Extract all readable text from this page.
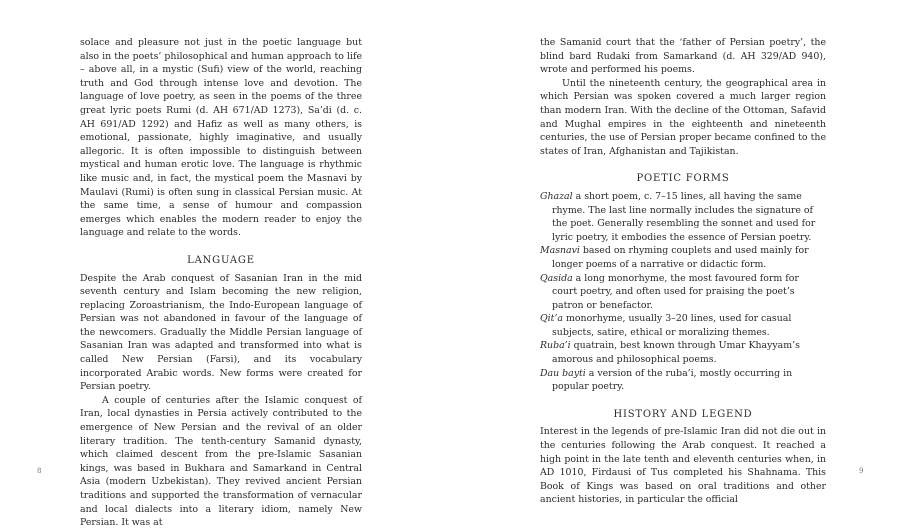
solace and pleasure not just in the poetic language but also in the poets’ philosophical and human approach to life – above all, in a mystic (Sufi) view of the world, reaching truth and God through intense love and devotion. The language of love poetry, as seen in the poems of the three great lyric poets Rumi (d. AH 671/AD 1273), Sa’di (d. c. AH 691/AD 1292) and Hafiz as well as many others, is emotional, passionate, highly imaginative, and usually allegoric. It is often impossible to distinguish between mystical and human erotic love. The language is rhythmic like music and, in fact, the mystical poem the Masnavi by Maulavi (Rumi) is often sung in classical Persian music. At the same time, a sense of humour and compassion emerges which enables the modern reader to enjoy the language and relate to the words.

LANGUAGE

Despite the Arab conquest of Sasanian Iran in the mid seventh century and Islam becoming the new religion, replacing Zoroastrianism, the Indo-European language of Persian was not abandoned in favour of the language of the newcomers. Gradually the Middle Persian language of Sasanian Iran was adapted and transformed into what is called New Persian (Farsi), and its vocabulary incorporated Arabic words. New forms were created for Persian poetry.

A couple of centuries after the Islamic conquest of Iran, local dynasties in Persia actively contributed to the emergence of New Persian and the revival of an older literary tradition. The tenth-century Samanid dynasty, which claimed descent from the pre-Islamic Sasanian kings, was based in Bukhara and Samarkand in Central Asia (modern Uzbekistan). They revived ancient Persian traditions and supported the transformation of vernacular and local dialects into a literary idiom, namely New Persian. It was at

the Samanid court that the ‘father of Persian poetry’, the blind bard Rudaki from Samarkand (d. AH 329/AD 940), wrote and performed his poems.

Until the nineteenth century, the geographical area in which Persian was spoken covered a much larger region than modern Iran. With the decline of the Ottoman, Safavid and Mughal empires in the eighteenth and nineteenth centuries, the use of Persian proper became confined to the states of Iran, Afghanistan and Tajikistan.

POETIC FORMS

Ghazal a short poem, c. 7–15 lines, all having the same rhyme. The last line normally includes the signature of the poet. Generally resembling the sonnet and used for lyric poetry, it embodies the essence of Persian poetry.

Masnavi based on rhyming couplets and used mainly for longer poems of a narrative or didactic form.

Qasida a long monorhyme, the most favoured form for court poetry, and often used for praising the poet’s patron or benefactor.

Qit’a monorhyme, usually 3–20 lines, used for casual subjects, satire, ethical or moralizing themes.

Ruba’i quatrain, best known through Umar Khayyam’s amorous and philosophical poems.

Dau bayti a version of the ruba’i, mostly occurring in popular poetry.

HISTORY AND LEGEND

Interest in the legends of pre-Islamic Iran did not die out in the centuries following the Arab conquest. It reached a high point in the late tenth and eleventh centuries when, in AD 1010, Firdausi of Tus completed his Shahnama. This Book of Kings was based on oral traditions and other ancient histories, in particular the official

8	9
